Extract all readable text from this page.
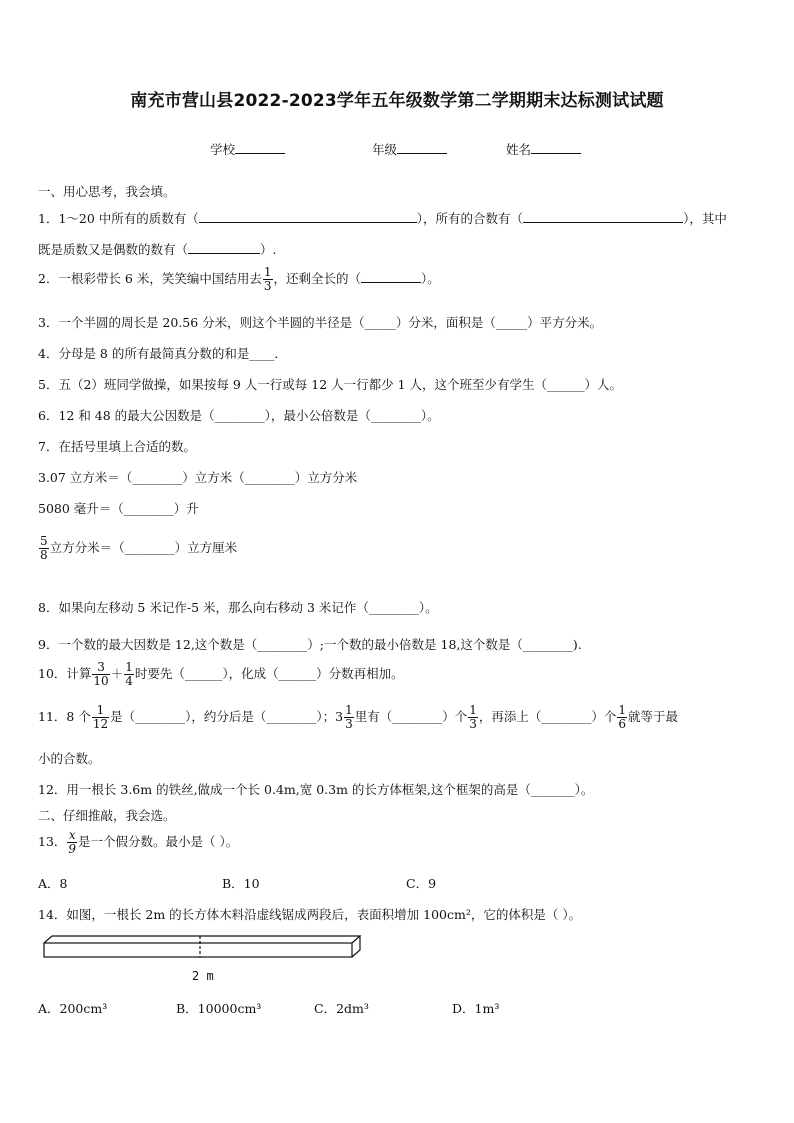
南充市营山县2022-2023学年五年级数学第二学期期末达标测试试题
学校	年级	姓名
一、用心思考，我会填。
1．1～20 中所有的质数有（	），所有的合数有（	），其中
既是质数又是偶数的数有（	）.
2．一根彩带长 6 米，笑笑编中国结用去 $\frac{1}{3}$ ，还剩全长的（	）。
3．一个半圆的周长是 20.56 分米，则这个半圆的半径是（_____）分米，面积是（_____）平方分米。
4．分母是 8 的所有最简真分数的和是____．
5．五（2）班同学做操，如果按每 9 人一行或每 12 人一行都少 1 人，这个班至少有学生（______）人。
6．12 和 48 的最大公因数是（________），最小公倍数是（________）。
7．在括号里填上合适的数。
3.07 立方米＝（________）立方米（________）立方分米
5080 毫升＝（________）升
$\frac{5}{8}$ 立方分米＝（________）立方厘米
8．如果向左移动 5 米记作-5 米，那么向右移动 3 米记作（________）。
9．一个数的最大因数是 12,这个数是（________）;一个数的最小倍数是 18,这个数是（________).
10．计算 $\frac{3}{10} + \frac{1}{4}$ 时要先（______），化成（______）分数再相加。
11．8 个 $\frac{1}{12}$ 是（________），约分后是（________）；$3 \frac{1}{3}$ 里有（________）个 $\frac{1}{3}$ ，再添上（________）个 $\frac{1}{6}$ 就等于最
小的合数。
12．用一根长 3.6m 的铁丝,做成一个长 0.4m,宽 0.3m 的长方体框架,这个框架的高是（_______）。
二、仔细推敲，我会选。
13． $\frac{x}{9}$ 是一个假分数。最小是（ ）。
A．8	B．10	C．9
14．如图，一根长 2m 的长方体木料沿虚线锯成两段后，表面积增加 100cm²，它的体积是（ ）。
2 m
A．200cm³	B．10000cm³	C．2dm³	D．1m³
